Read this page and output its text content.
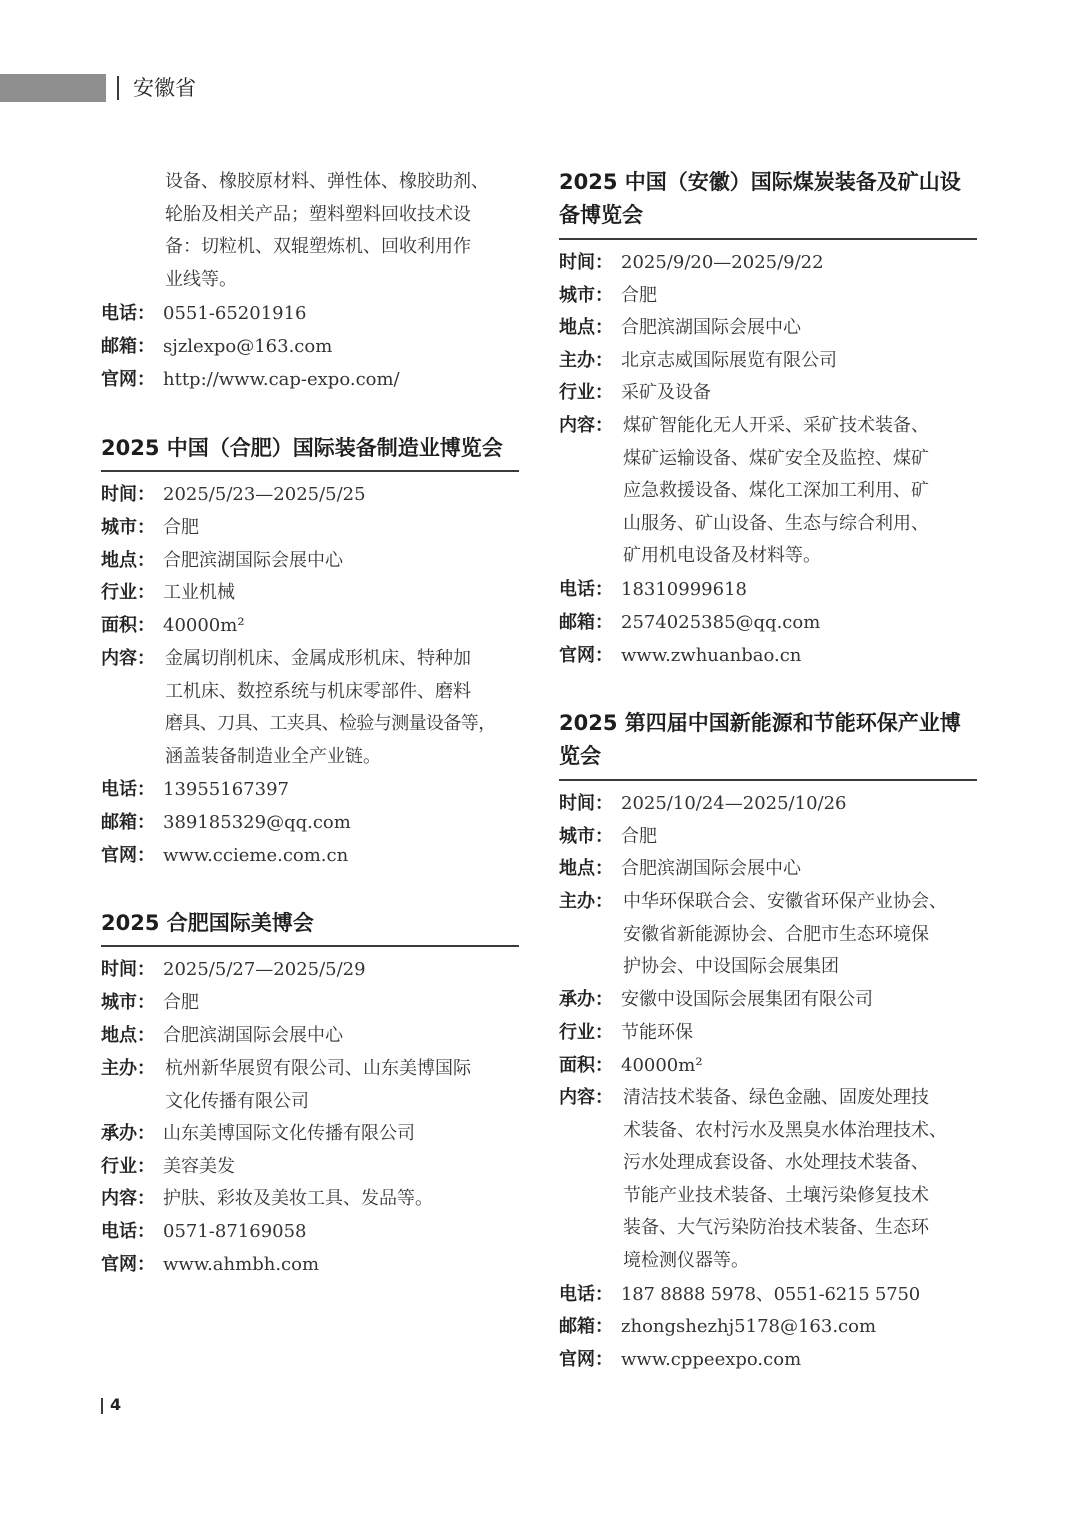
安徽省
设备、橡胶原材料、弹性体、橡胶助剂、
轮胎及相关产品；塑料塑料回收技术设
备：切粒机、双辊塑炼机、回收利用作
业线等。
电话： 0551-65201916
邮箱： sjzlexpo@163.com
官网： http://www.cap-expo.com/
2025 中国（合肥）国际装备制造业博览会
时间： 2025/5/23—2025/5/25
城市： 合肥
地点： 合肥滨湖国际会展中心
行业： 工业机械
面积： 40000m²
内容： 金属切削机床、金属成形机床、特种加
工机床、数控系统与机床零部件、磨料
磨具、刀具、工夹具、检验与测量设备等，
涵盖装备制造业全产业链。
电话： 13955167397
邮箱： 389185329@qq.com
官网： www.ccieme.com.cn
2025 合肥国际美博会
时间： 2025/5/27—2025/5/29
城市： 合肥
地点： 合肥滨湖国际会展中心
主办： 杭州新华展贸有限公司、山东美博国际
文化传播有限公司
承办： 山东美博国际文化传播有限公司
行业： 美容美发
内容： 护肤、彩妆及美妆工具、发品等。
电话： 0571-87169058
官网： www.ahmbh.com
2025 中国（安徽）国际煤炭装备及矿山设
备博览会
时间： 2025/9/20—2025/9/22
城市： 合肥
地点： 合肥滨湖国际会展中心
主办： 北京志威国际展览有限公司
行业： 采矿及设备
内容： 煤矿智能化无人开采、采矿技术装备、
煤矿运输设备、煤矿安全及监控、煤矿
应急救援设备、煤化工深加工利用、矿
山服务、矿山设备、生态与综合利用、
矿用机电设备及材料等。
电话： 18310999618
邮箱： 2574025385@qq.com
官网： www.zwhuanbao.cn
2025 第四届中国新能源和节能环保产业博
览会
时间： 2025/10/24—2025/10/26
城市： 合肥
地点： 合肥滨湖国际会展中心
主办： 中华环保联合会、安徽省环保产业协会、
安徽省新能源协会、合肥市生态环境保
护协会、中设国际会展集团
承办： 安徽中设国际会展集团有限公司
行业： 节能环保
面积： 40000m²
内容： 清洁技术装备、绿色金融、固废处理技
术装备、农村污水及黑臭水体治理技术、
污水处理成套设备、水处理技术装备、
节能产业技术装备、土壤污染修复技术
装备、大气污染防治技术装备、生态环
境检测仪器等。
电话： 187 8888 5978、0551-6215 5750
邮箱： zhongshezhj5178@163.com
官网： www.cppeexpo.com
4
